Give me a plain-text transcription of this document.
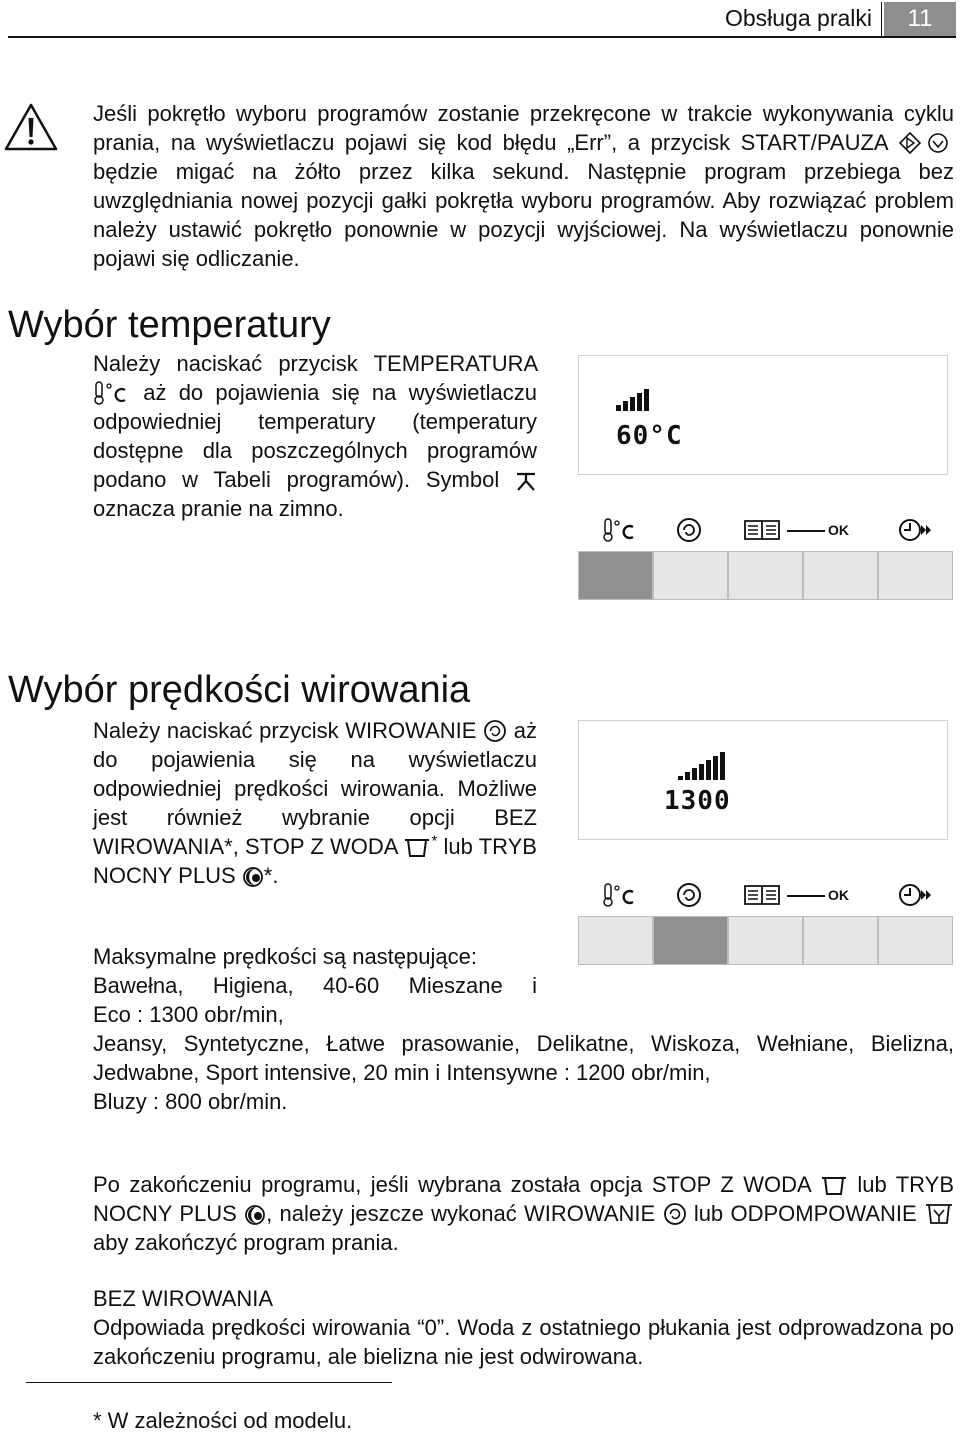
Obsługa pralki	11
Jeśli pokrętło wyboru programów zostanie przekręcone w trakcie wykonywania cyklu prania, na wyświetlaczu pojawi się kod błędu „Err”, a przycisk START/PAUZA  będzie migać na żółto przez kilka sekund. Następnie program przebiega bez uwzględniania nowej pozycji gałki pokrętła wyboru programów. Aby rozwiązać problem należy ustawić pokrętło ponownie w pozycji wyjściowej. Na wyświetlaczu ponownie pojawi się odliczanie.
Wybór temperatury
Należy naciskać przycisk TEMPERATURA  aż do pojawienia się na wyświetlaczu odpowiedniej temperatury (temperatury dostępne dla poszczególnych programów podano w Tabeli programów). Symbol  oznacza pranie na zimno.
60°C
OK
Wybór prędkości wirowania
Należy naciskać przycisk WIROWANIE aż do pojawienia się na wyświetlaczu odpowiedniej prędkości wirowania. Możliwe jest również wybranie opcji BEZ WIROWANIA*, STOP Z WODA * lub TRYB NOCNY PLUS *.
1300
OK
Maksymalne prędkości są następujące:
Bawełna, Higiena, 40-60 Mieszane i
Eco : 1300 obr/min,
Jeansy, Syntetyczne, Łatwe prasowanie, Delikatne, Wiskoza, Wełniane, Bielizna, Jedwabne, Sport intensive, 20 min i Intensywne : 1200 obr/min,
Bluzy : 800 obr/min.
Po zakończeniu programu, jeśli wybrana została opcja STOP Z WODA lub TRYB NOCNY PLUS , należy jeszcze wykonać WIROWANIE lub ODPOMPOWANIE  aby zakończyć program prania.
BEZ WIROWANIA
Odpowiada prędkości wirowania “0”. Woda z ostatniego płukania jest odprowadzona po zakończeniu programu, ale bielizna nie jest odwirowana.
* W zależności od modelu.
